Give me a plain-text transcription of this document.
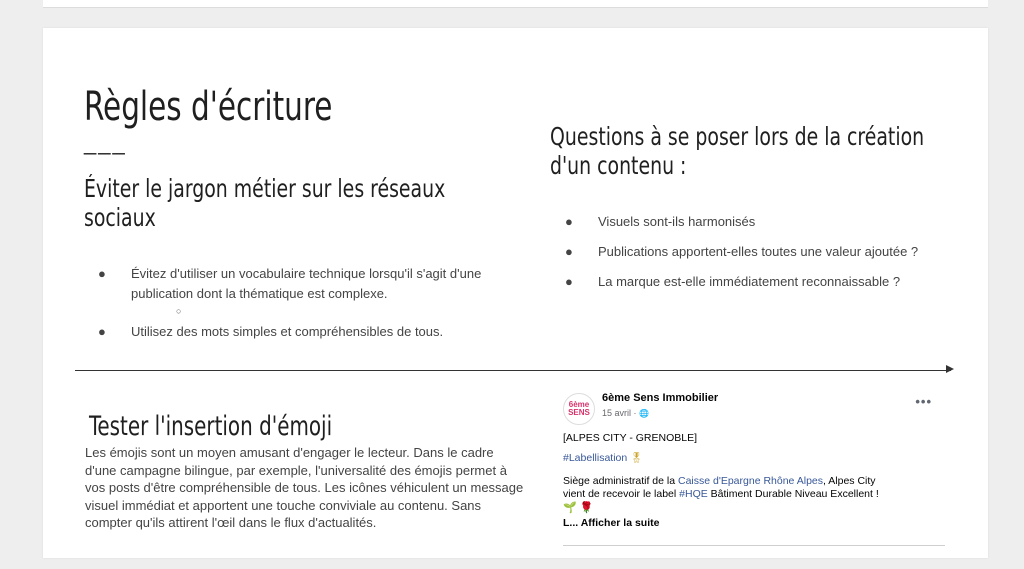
Règles d'écriture
___
Éviter le jargon métier sur les réseaux sociaux
● Évitez d'utiliser un vocabulaire technique lorsqu'il s'agit d'une publication dont la thématique est complexe.
○
● Utilisez des mots simples et compréhensibles de tous.
Questions à se poser lors de la création d'un contenu :
● Visuels sont-ils harmonisés
● Publications apportent-elles toutes une valeur ajoutée ?
● La marque est-elle immédiatement reconnaissable ?
Tester l'insertion d'émoji

Les émojis sont un moyen amusant d'engager le lecteur. Dans le cadre d'une campagne bilingue, par exemple, l'universalité des émojis permet à vos posts d'être compréhensible de tous. Les icônes véhiculent un message visuel immédiat et apportent une touche conviviale au contenu. Sans compter qu'ils attirent l'œil dans le flux d'actualités.

6ème SENS
6ème Sens Immobilier
15 avril · 🌐
•••
[ALPES CITY - GRENOBLE]
#Labellisation 🎖
Siège administratif de la Caisse d'Epargne Rhône Alpes, Alpes City
vient de recevoir le label #HQE Bâtiment Durable Niveau Excellent !
🌱 🌹
L... Afficher la suite
